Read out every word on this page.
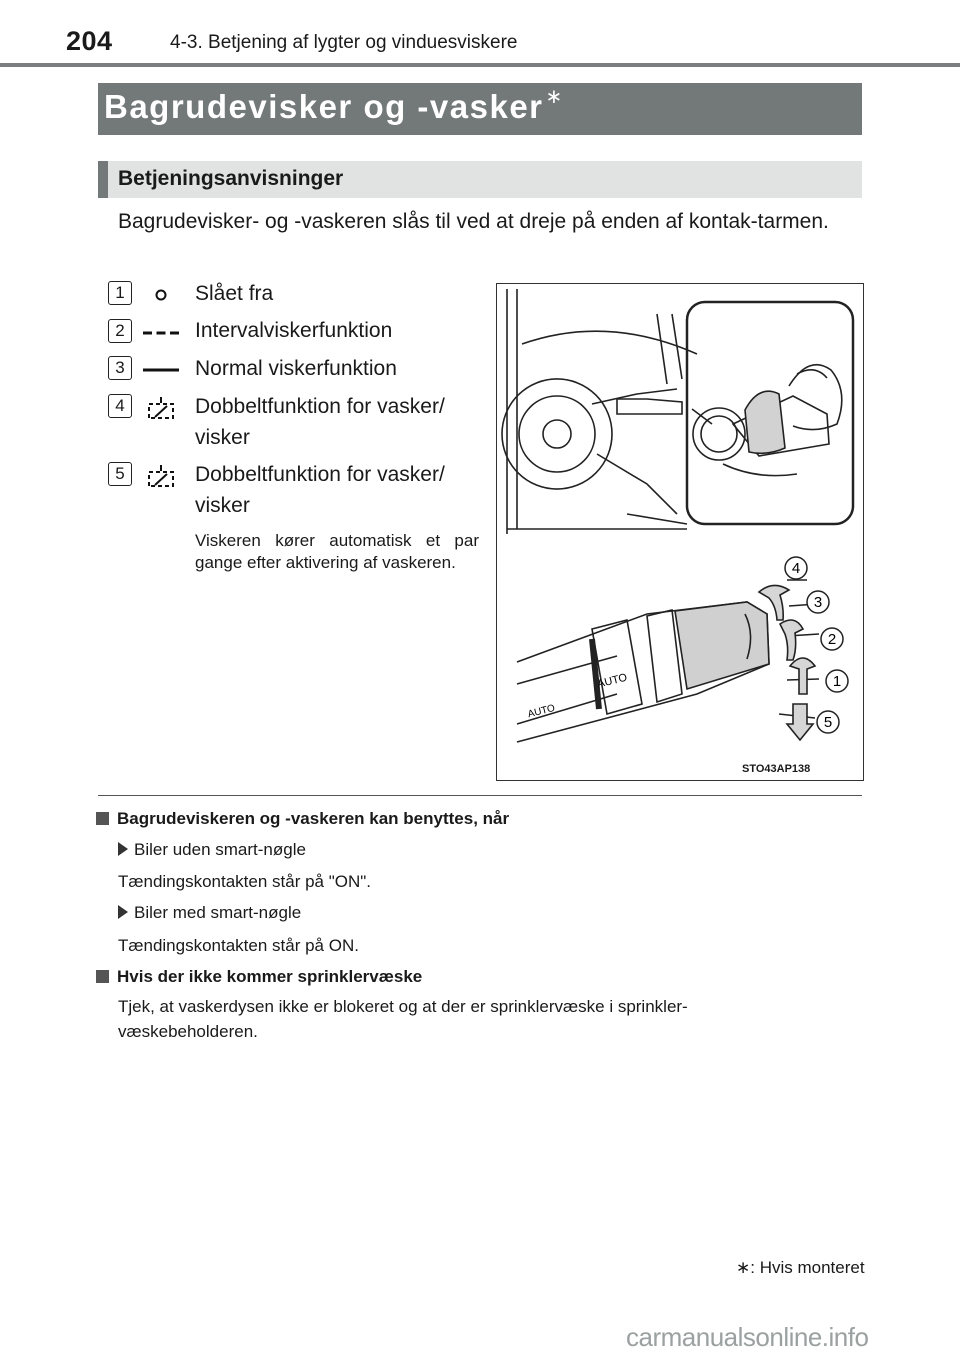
204	4-3. Betjening af lygter og vinduesviskere
Bagrudevisker og -vasker ∗
Betjeningsanvisninger
Bagrudevisker- og -vaskeren slås til ved at dreje på enden af kontak-tarmen.
1	Slået fra
2	Intervalviskerfunktion
3	Normal viskerfunktion
4	Dobbeltfunktion for vasker/
visker
5	Dobbeltfunktion for vasker/
visker
Viskeren kører automatisk et par gange efter aktivering af vaskeren.	4
3
2
1
5
AUTO
AUTO
STO43AP138
Bagrudeviskeren og -vaskeren kan benyttes, når
Biler uden smart-nøgle
Tændingskontakten står på "ON".
Biler med smart-nøgle
Tændingskontakten står på ON.
Hvis der ikke kommer sprinklervæske
Tjek, at vaskerdysen ikke er blokeret og at der er sprinklervæske i sprinkler-
væskebeholderen.
∗: Hvis monteret
carmanualsonline.info
